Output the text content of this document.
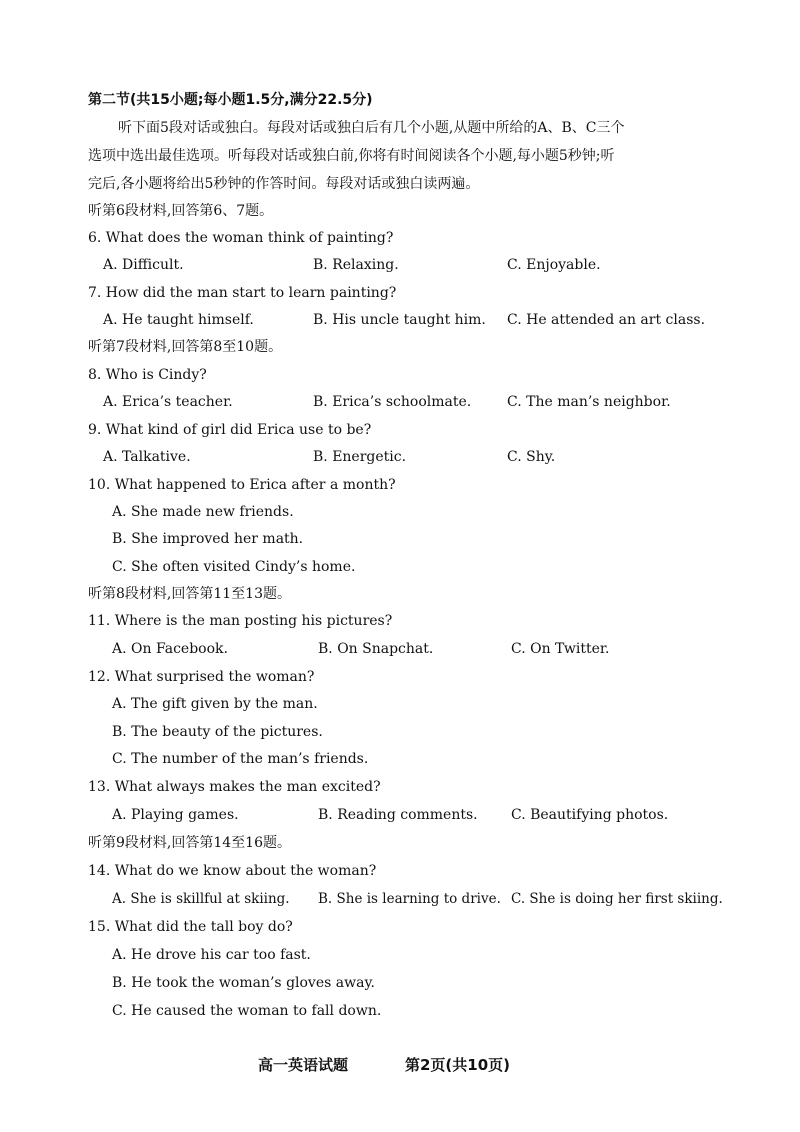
第二节(共15小题;每小题1.5分,满分22.5分)
听下面5段对话或独白。每段对话或独白后有几个小题,从题中所给的A、B、C三个
选项中选出最佳选项。听每段对话或独白前,你将有时间阅读各个小题,每小题5秒钟;听
完后,各小题将给出5秒钟的作答时间。每段对话或独白读两遍。
听第6段材料,回答第6、7题。
6. What does the woman think of painting?
A. Difficult.	B. Relaxing.	C. Enjoyable.
7. How did the man start to learn painting?
A. He taught himself.	B. His uncle taught him. C. He attended an art class.
听第7段材料,回答第8至10题。
8. Who is Cindy?
A. Erica’s teacher.	B. Erica’s schoolmate.	C. The man’s neighbor.
9. What kind of girl did Erica use to be?
A. Talkative.	B. Energetic.	C. Shy.
10. What happened to Erica after a month?
A. She made new friends.
B. She improved her math.
C. She often visited Cindy’s home.
听第8段材料,回答第11至13题。
11. Where is the man posting his pictures?
A. On Facebook.	B. On Snapchat.	C. On Twitter.
12. What surprised the woman?
A. The gift given by the man.
B. The beauty of the pictures.
C. The number of the man’s friends.
13. What always makes the man excited?
A. Playing games.	B. Reading comments. C. Beautifying photos.
听第9段材料,回答第14至16题。
14. What do we know about the woman?
A. She is skillful at skiing. B. She is learning to drive. C. She is doing her first skiing.
15. What did the tall boy do?
A. He drove his car too fast.
B. He took the woman’s gloves away.
C. He caused the woman to fall down.
高一英语试题	第2页(共10页)
